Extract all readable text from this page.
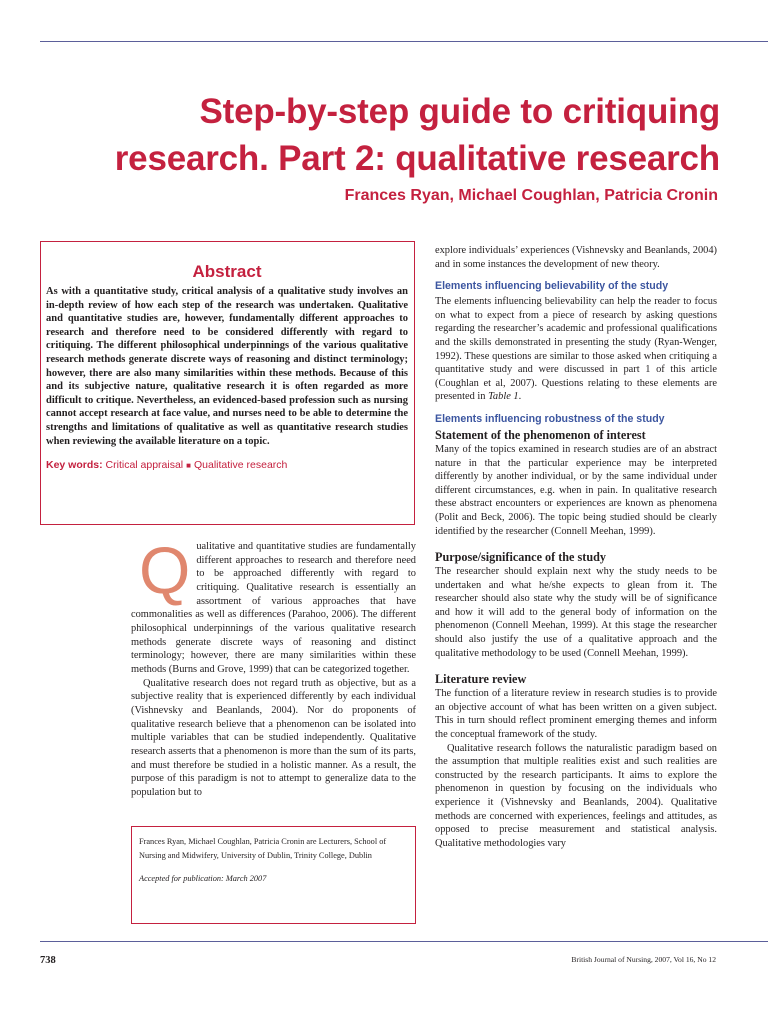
Step-by-step guide to critiquing research. Part 2: qualitative research
Frances Ryan, Michael Coughlan, Patricia Cronin
Abstract

As with a quantitative study, critical analysis of a qualitative study involves an in-depth review of how each step of the research was undertaken. Qualitative and quantitative studies are, however, fundamentally different approaches to research and therefore need to be considered differently with regard to critiquing. The different philosophical underpinnings of the various qualitative research methods generate discrete ways of reasoning and distinct terminology; however, there are also many similarities within these methods. Because of this and its subjective nature, qualitative research it is often regarded as more difficult to critique. Nevertheless, an evidenced-based profession such as nursing cannot accept research at face value, and nurses need to be able to determine the strengths and limitations of qualitative as well as quantitative research studies when reviewing the available literature on a topic.

Key words: Critical appraisal ■ Qualitative research

Qualitative and quantitative studies are fundamentally different approaches to research and therefore need to be approached differently with regard to critiquing. Qualitative research is essentially an assortment of various approaches that have commonalities as well as differences (Parahoo, 2006). The different philosophical underpinnings of the various qualitative research methods generate discrete ways of reasoning and distinct terminology; however, there are many similarities within these methods (Burns and Grove, 1999) that can be categorized together.

Qualitative research does not regard truth as objective, but as a subjective reality that is experienced differently by each individual (Vishnevsky and Beanlands, 2004). Nor do proponents of qualitative research believe that a phenomenon can be isolated into multiple variables that can be studied independently. Qualitative research asserts that a phenomenon is more than the sum of its parts, and must therefore be studied in a holistic manner. As a result, the purpose of this paradigm is not to attempt to generalize data to the population but to

Frances Ryan, Michael Coughlan, Patricia Cronin are Lecturers, School of Nursing and Midwifery, University of Dublin, Trinity College, Dublin

Accepted for publication: March 2007

explore individuals’ experiences (Vishnevsky and Beanlands, 2004) and in some instances the development of new theory.

Elements influencing believability of the study

The elements influencing believability can help the reader to focus on what to expect from a piece of research by asking questions regarding the researcher’s academic and professional qualifications and the skills demonstrated in presenting the study (Ryan-Wenger, 1992). These questions are similar to those asked when critiquing a quantitative study and were discussed in part 1 of this article (Coughlan et al, 2007). Questions relating to these elements are presented in Table 1.

Elements influencing robustness of the study
Statement of the phenomenon of interest

Many of the topics examined in research studies are of an abstract nature in that the particular experience may be interpreted differently by another individual, or by the same individual under different circumstances, e.g. when in pain. In qualitative research these abstract encounters or experiences are known as phenomena (Polit and Beck, 2006). The topic being studied should be clearly identified by the researcher (Connell Meehan, 1999).

Purpose/significance of the study

The researcher should explain next why the study needs to be undertaken and what he/she expects to glean from it. The researcher should also state why the study will be of significance and how it will add to the general body of information on the phenomenon (Connell Meehan, 1999). At this stage the researcher should also justify the use of a qualitative approach and the qualitative methodology to be used (Connell Meehan, 1999).

Literature review

The function of a literature review in research studies is to provide an objective account of what has been written on a given subject. This in turn should reflect prominent emerging themes and inform the conceptual framework of the study.

Qualitative research follows the naturalistic paradigm based on the assumption that multiple realities exist and such realities are constructed by the research participants. It aims to explore the phenomenon in question by focusing on the individuals who experience it (Vishnevsky and Beanlands, 2004). Qualitative methods are concerned with experiences, feelings and attitudes, as opposed to precise measurement and statistical analysis. Qualitative methodologies vary

738	British Journal of Nursing, 2007, Vol 16, No 12
